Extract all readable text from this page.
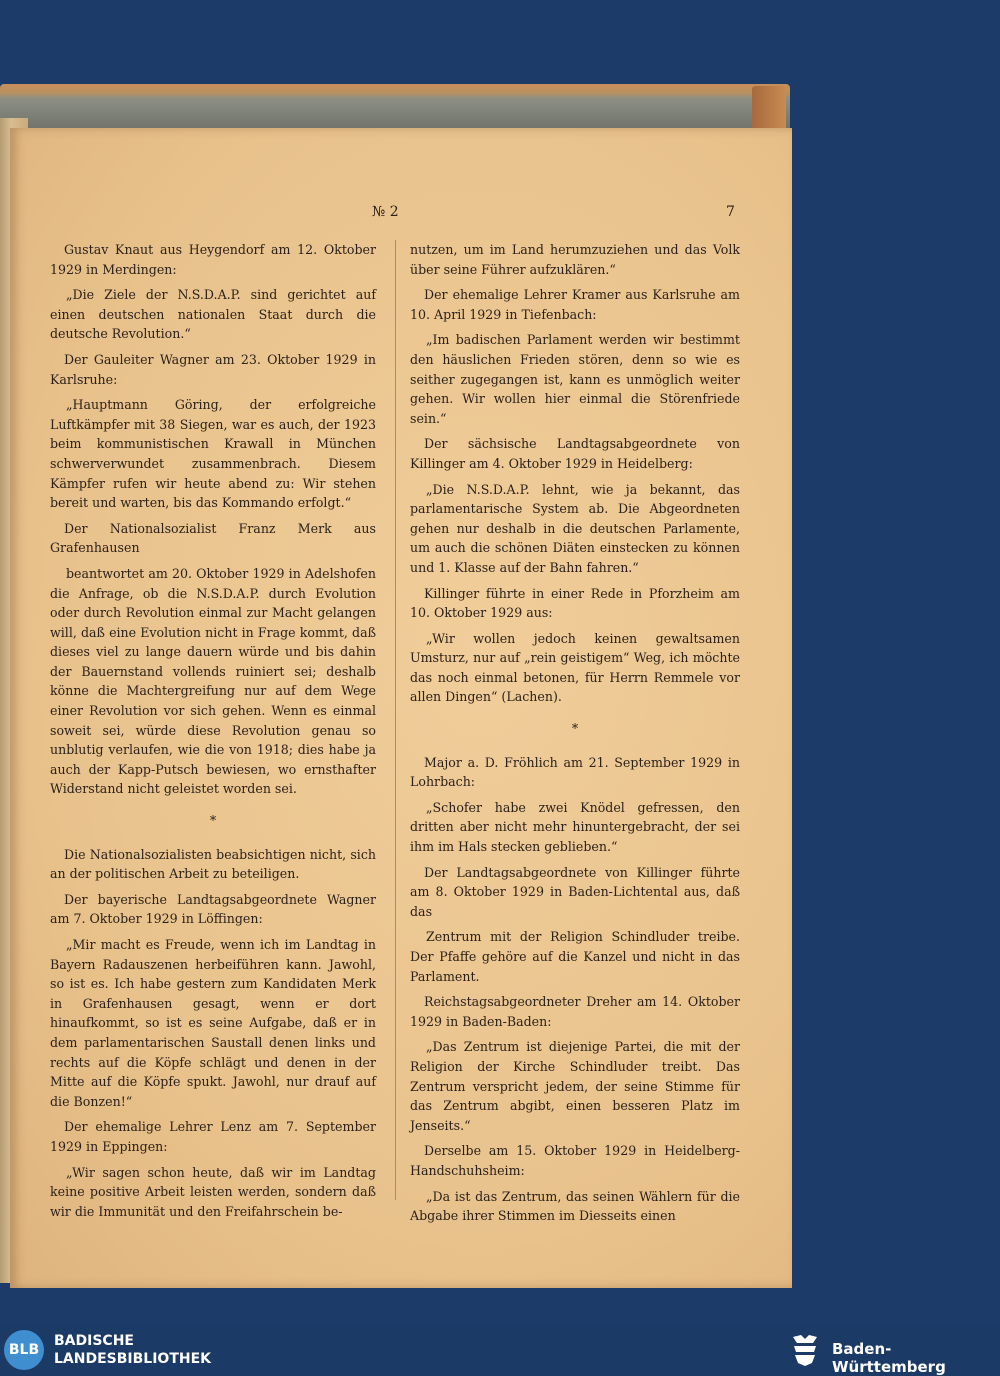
№ 2	7

Gustav Knaut aus Heygendorf am 12. Oktober 1929 in Merdingen:

„Die Ziele der N.S.D.A.P. sind gerichtet auf einen deutschen nationalen Staat durch die deutsche Revolution.“

Der Gauleiter Wagner am 23. Oktober 1929 in Karlsruhe:

„Hauptmann Göring, der erfolgreiche Luftkämpfer mit 38 Siegen, war es auch, der 1923 beim kommunistischen Krawall in München schwerverwundet zusammenbrach. Diesem Kämpfer rufen wir heute abend zu: Wir stehen bereit und warten, bis das Kommando erfolgt.“

Der Nationalsozialist Franz Merk aus Grafenhausen

beantwortet am 20. Oktober 1929 in Adelshofen die Anfrage, ob die N.S.D.A.P. durch Evolution oder durch Revolution einmal zur Macht gelangen will, daß eine Evolution nicht in Frage kommt, daß dieses viel zu lange dauern würde und bis dahin der Bauernstand vollends ruiniert sei; deshalb könne die Machtergreifung nur auf dem Wege einer Revolution vor sich gehen. Wenn es einmal soweit sei, würde diese Revolution genau so unblutig verlaufen, wie die von 1918; dies habe ja auch der Kapp-Putsch bewiesen, wo ernsthafter Widerstand nicht geleistet worden sei.

*

Die Nationalsozialisten beabsichtigen nicht, sich an der politischen Arbeit zu beteiligen.

Der bayerische Landtagsabgeordnete Wagner am 7. Oktober 1929 in Löffingen:

„Mir macht es Freude, wenn ich im Landtag in Bayern Radauszenen herbeiführen kann. Jawohl, so ist es. Ich habe gestern zum Kandidaten Merk in Grafenhausen gesagt, wenn er dort hinaufkommt, so ist es seine Aufgabe, daß er in dem parlamentarischen Saustall denen links und rechts auf die Köpfe schlägt und denen in der Mitte auf die Köpfe spukt. Jawohl, nur drauf auf die Bonzen!“

Der ehemalige Lehrer Lenz am 7. September 1929 in Eppingen:

„Wir sagen schon heute, daß wir im Landtag keine positive Arbeit leisten werden, sondern daß wir die Immunität und den Freifahrschein be-

nutzen, um im Land herumzuziehen und das Volk über seine Führer aufzuklären.“

Der ehemalige Lehrer Kramer aus Karlsruhe am 10. April 1929 in Tiefenbach:

„Im badischen Parlament werden wir bestimmt den häuslichen Frieden stören, denn so wie es seither zugegangen ist, kann es unmöglich weiter gehen. Wir wollen hier einmal die Störenfriede sein.“

Der sächsische Landtagsabgeordnete von Killinger am 4. Oktober 1929 in Heidelberg:

„Die N.S.D.A.P. lehnt, wie ja bekannt, das parlamentarische System ab. Die Abgeordneten gehen nur deshalb in die deutschen Parlamente, um auch die schönen Diäten einstecken zu können und 1. Klasse auf der Bahn fahren.“

Killinger führte in einer Rede in Pforzheim am 10. Oktober 1929 aus:

„Wir wollen jedoch keinen gewaltsamen Umsturz, nur auf „rein geistigem“ Weg, ich möchte das noch einmal betonen, für Herrn Remmele vor allen Dingen“ (Lachen).

*

Major a. D. Fröhlich am 21. September 1929 in Lohrbach:

„Schofer habe zwei Knödel gefressen, den dritten aber nicht mehr hinuntergebracht, der sei ihm im Hals stecken geblieben.“

Der Landtagsabgeordnete von Killinger führte am 8. Oktober 1929 in Baden-Lichtental aus, daß das

Zentrum mit der Religion Schindluder treibe. Der Pfaffe gehöre auf die Kanzel und nicht in das Parlament.

Reichstagsabgeordneter Dreher am 14. Oktober 1929 in Baden-Baden:

„Das Zentrum ist diejenige Partei, die mit der Religion der Kirche Schindluder treibt. Das Zentrum verspricht jedem, der seine Stimme für das Zentrum abgibt, einen besseren Platz im Jenseits.“

Derselbe am 15. Oktober 1929 in Heidelberg-Handschuhsheim:

„Da ist das Zentrum, das seinen Wählern für die Abgabe ihrer Stimmen im Diesseits einen

BLB
BADISCHE
LANDESBIBLIOTHEK
Baden-Württemberg
